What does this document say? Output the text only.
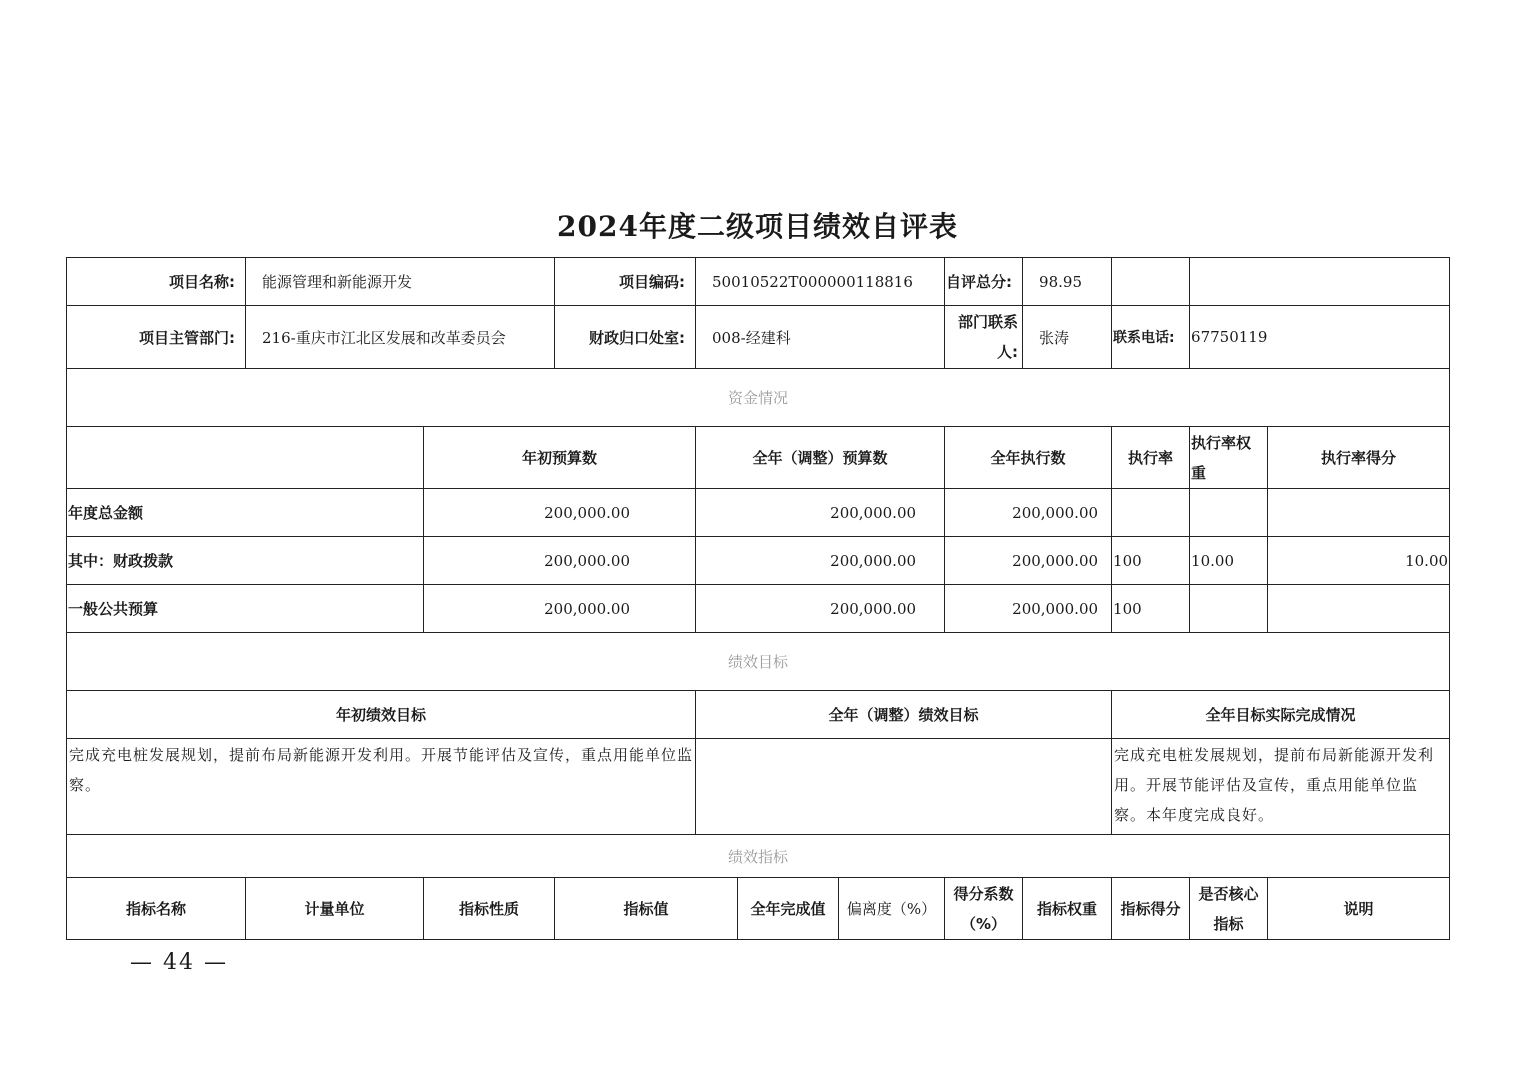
2024年度二级项目绩效自评表
项目名称:	能源管理和新能源开发		项目编码:	50010522T000000118816			自评总分:	98.95			
项目主管部门:	216-重庆市江北区发展和改革委员会		财政归口处室:	008-经建科			部门联系人:	张涛	联系电话:	67750119	
资金情况											
		年初预算数		全年（调整）预算数			全年执行数		执行率	执行率权重	执行率得分
年度总金额		200,000.00		200,000.00			200,000.00				
其中：财政拨款		200,000.00		200,000.00			200,000.00		100	10.00	10.00
一般公共预算		200,000.00		200,000.00			200,000.00		100		
绩效目标											
年初绩效目标				全年（调整）绩效目标					全年目标实际完成情况		
完成充电桩发展规划，提前布局新能源开发利用。开展节能评估及宣传，重点用能单位监察。									完成充电桩发展规划，提前布局新能源开发利用。开展节能评估及宣传，重点用能单位监察。本年度完成良好。		
绩效指标											
指标名称	计量单位	指标性质	指标值		全年完成值	偏离度（%）	得分系数（%）	指标权重	指标得分	是否核心指标	说明
— 44 —
